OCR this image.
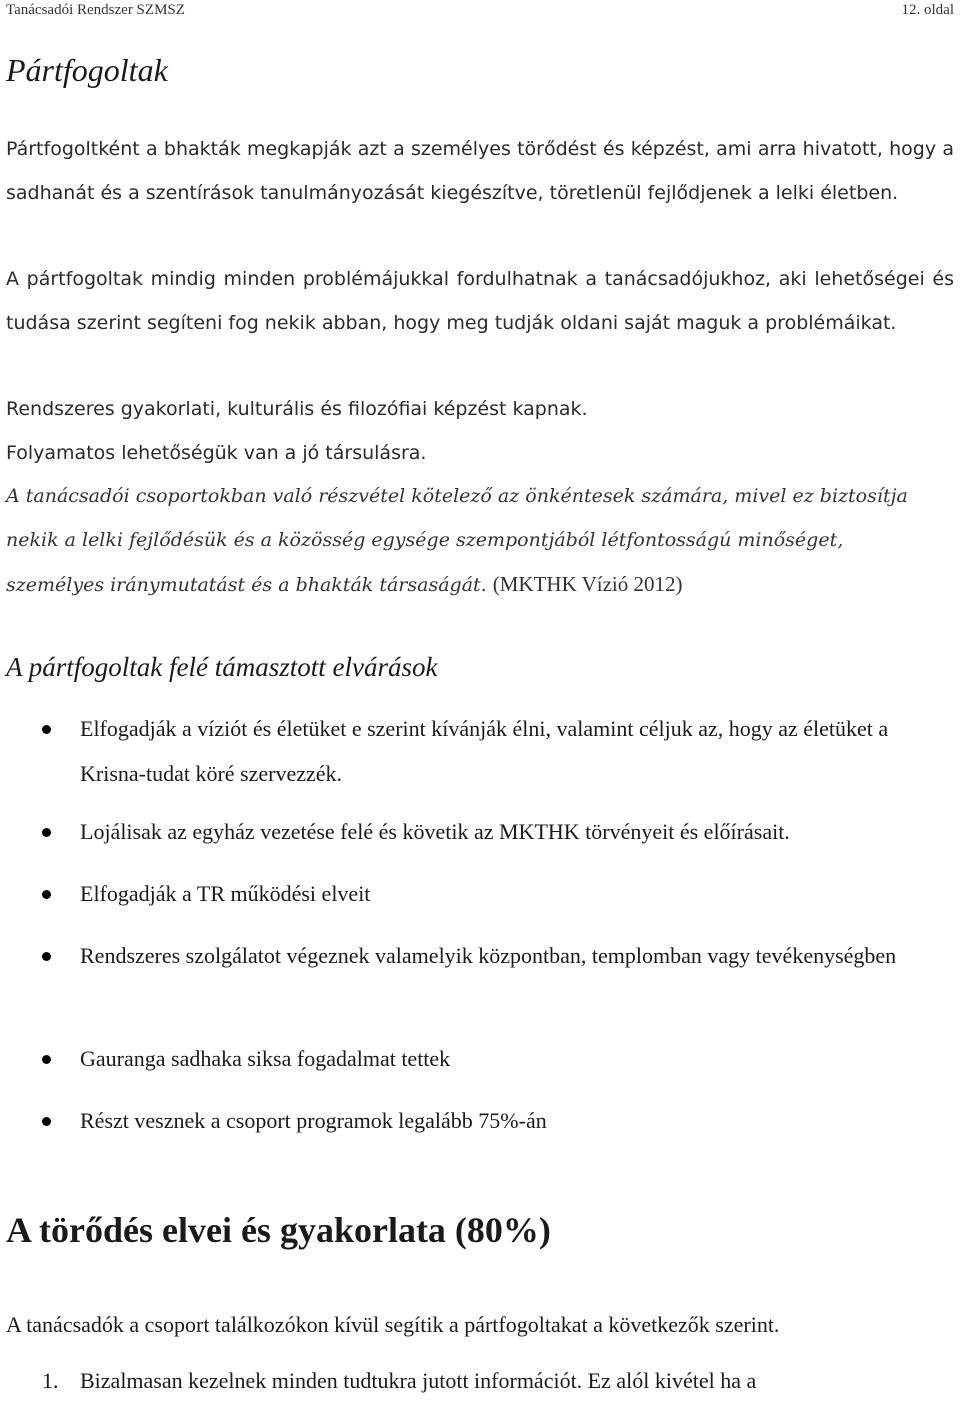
Tanácsadói Rendszer SZMSZ	12. oldal
Pártfogoltak

Pártfogoltként a bhakták megkapják azt a személyes törődést és képzést, ami arra hivatott, hogy a sadhanát és a szentírások tanulmányozását kiegészítve, töretlenül fejlődjenek a lelki életben.

A pártfogoltak mindig minden problémájukkal fordulhatnak a tanácsadójukhoz, aki lehetőségei és tudása szerint segíteni fog nekik abban, hogy meg tudják oldani saját maguk a problémáikat.

Rendszeres gyakorlati, kulturális és filozófiai képzést kapnak.

Folyamatos lehetőségük van a jó társulásra.

A tanácsadói csoportokban való részvétel kötelező az önkéntesek számára, mivel ez biztosítja nekik a lelki fejlődésük és a közösség egysége szempontjából létfontosságú minőséget, személyes iránymutatást és a bhakták társaságát. (MKTHK Vízió 2012)

A pártfogoltak felé támasztott elvárások
Elfogadják a víziót és életüket e szerint kívánják élni, valamint céljuk az, hogy az életüket a Krisna-tudat köré szervezzék.
Lojálisak az egyház vezetése felé és követik az MKTHK törvényeit és előírásait.
Elfogadják a TR működési elveit
Rendszeres szolgálatot végeznek valamelyik központban, templomban vagy tevékenységben
Gauranga sadhaka siksa fogadalmat tettek
Részt vesznek a csoport programok legalább 75%-án
A törődés elvei és gyakorlata (80%)

A tanácsadók a csoport találkozókon kívül segítik a pártfogoltakat a következők szerint.

1. Bizalmasan kezelnek minden tudtukra jutott információt. Ez alól kivétel ha a
